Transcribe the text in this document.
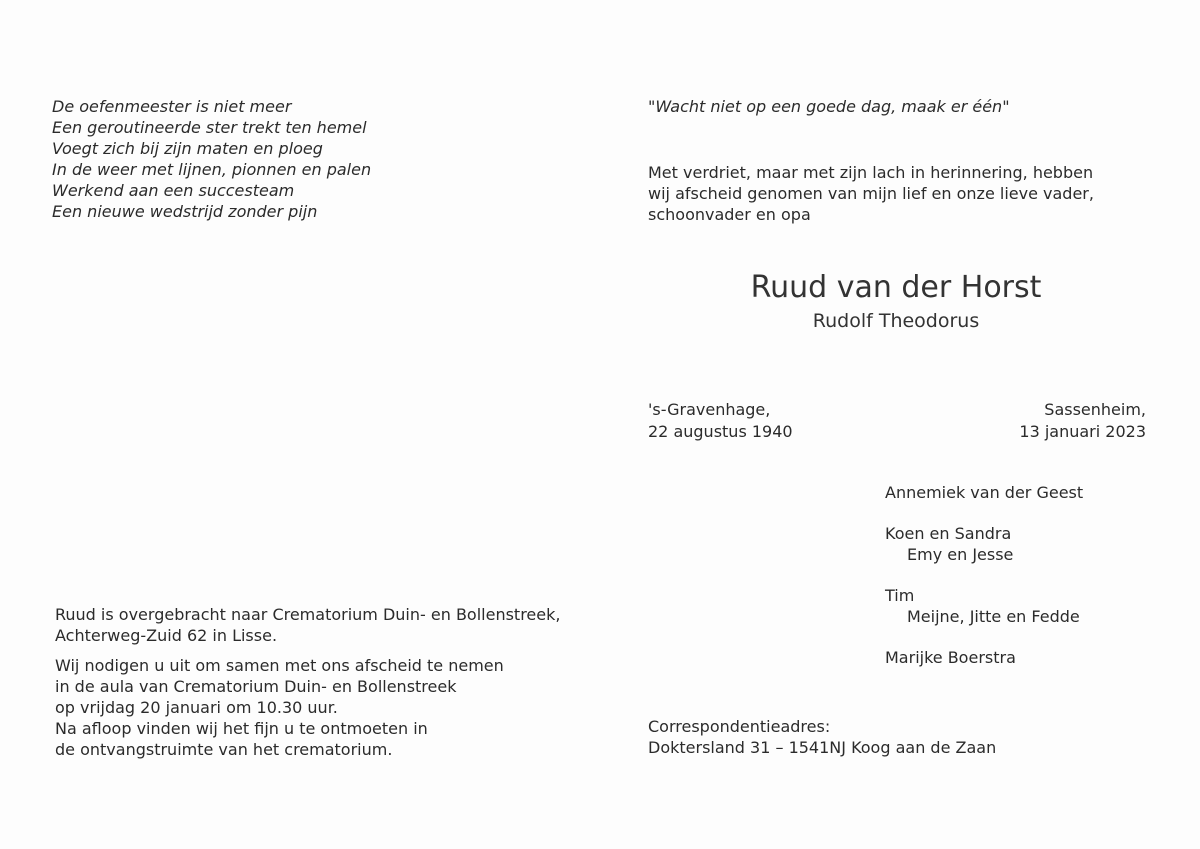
De oefenmeester is niet meer
Een geroutineerde ster trekt ten hemel
Voegt zich bij zijn maten en ploeg
In de weer met lijnen, pionnen en palen
Werkend aan een succesteam
Een nieuwe wedstrijd zonder pijn
"Wacht niet op een goede dag, maak er één"
Met verdriet, maar met zijn lach in herinnering, hebben
wij afscheid genomen van mijn lief en onze lieve vader,
schoonvader en opa
Ruud van der Horst
Rudolf Theodorus
's-Gravenhage,
22 augustus 1940
Sassenheim,
13 januari 2023
Annemiek van der Geest
Koen en Sandra
Emy en Jesse
Tim
Meijne, Jitte en Fedde
Marijke Boerstra

Ruud is overgebracht naar Crematorium Duin- en Bollenstreek,
Achterweg-Zuid 62 in Lisse.

Wij nodigen u uit om samen met ons afscheid te nemen
in de aula van Crematorium Duin- en Bollenstreek
op vrijdag 20 januari om 10.30 uur.
Na afloop vinden wij het fijn u te ontmoeten in
de ontvangstruimte van het crematorium.

Correspondentieadres:
Doktersland 31 – 1541NJ Koog aan de Zaan
